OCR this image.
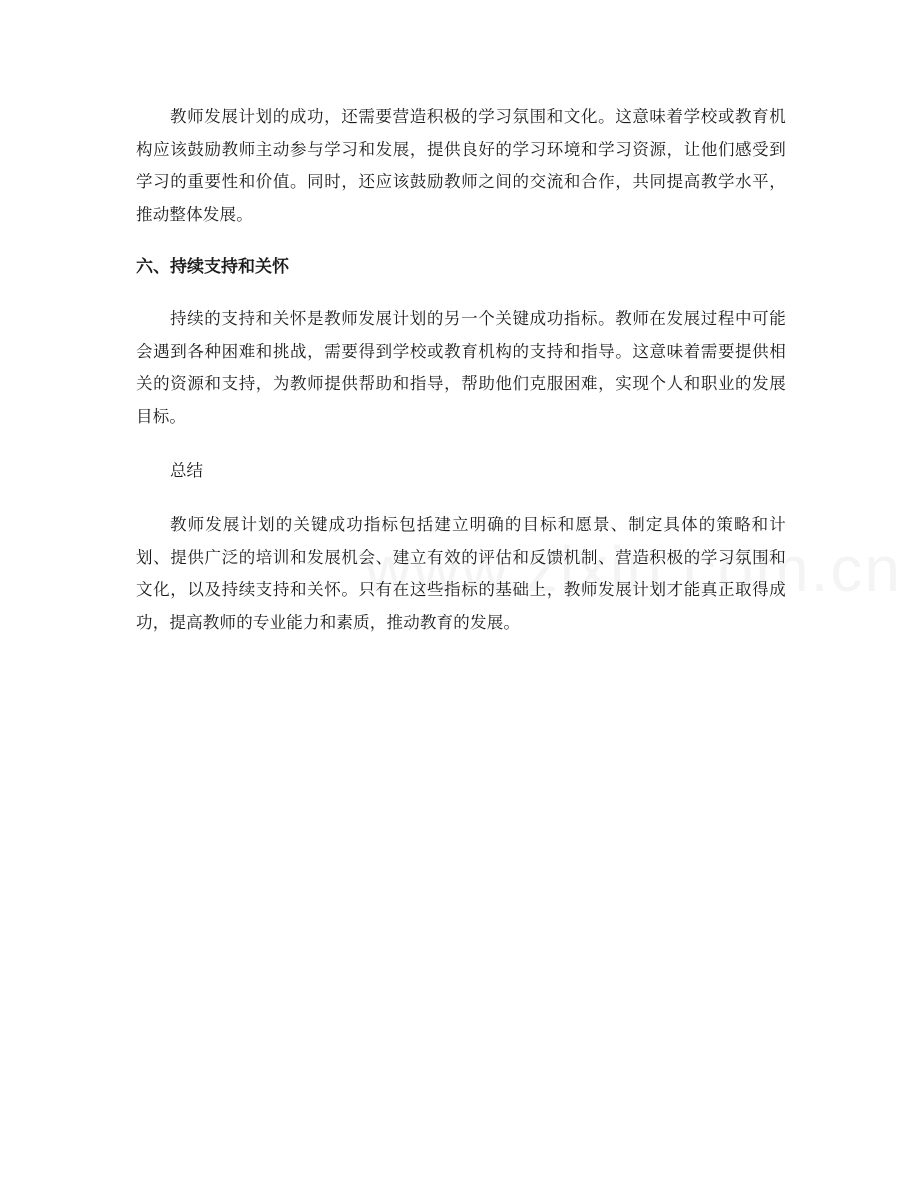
教师发展计划的成功，还需要营造积极的学习氛围和文化。这意味着学校或教育机构应该鼓励教师主动参与学习和发展，提供良好的学习环境和学习资源，让他们感受到学习的重要性和价值。同时，还应该鼓励教师之间的交流和合作，共同提高教学水平，推动整体发展。

六、持续支持和关怀

持续的支持和关怀是教师发展计划的另一个关键成功指标。教师在发展过程中可能会遇到各种困难和挑战，需要得到学校或教育机构的支持和指导。这意味着需要提供相关的资源和支持，为教师提供帮助和指导，帮助他们克服困难，实现个人和职业的发展目标。

总结

教师发展计划的关键成功指标包括建立明确的目标和愿景、制定具体的策略和计划、提供广泛的培训和发展机会、建立有效的评估和反馈机制、营造积极的学习氛围和文化，以及持续支持和关怀。只有在这些指标的基础上，教师发展计划才能真正取得成功，提高教师的专业能力和素质，推动教育的发展。
